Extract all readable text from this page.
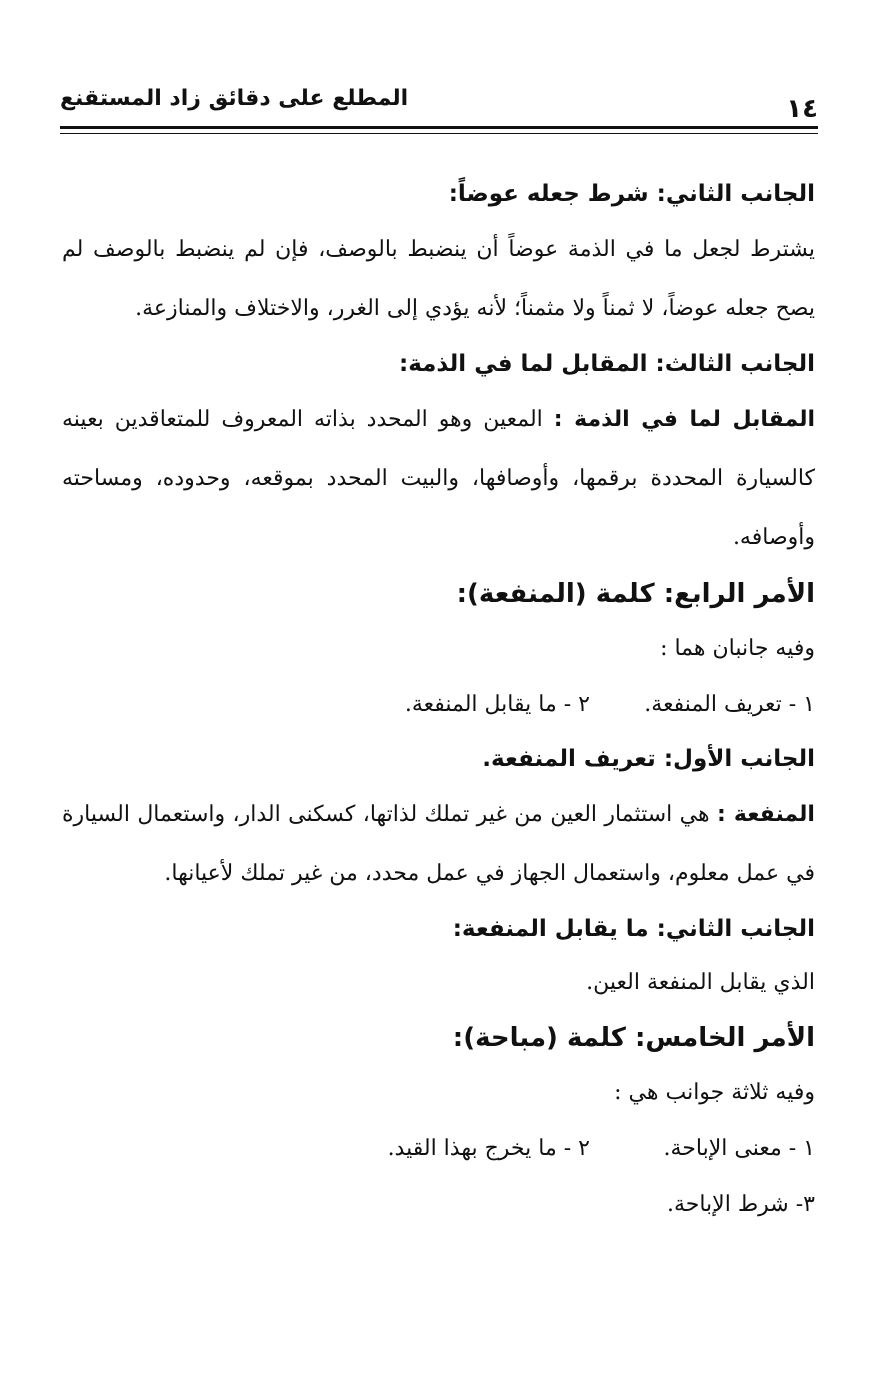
١٤
المطلع على دقائق زاد المستقنع

الجانب الثاني: شرط جعله عوضاً:

يشترط لجعل ما في الذمة عوضاً أن ينضبط بالوصف، فإن لم ينضبط بالوصف لم يصح جعله عوضاً، لا ثمناً ولا مثمناً؛ لأنه يؤدي إلى الغرر، والاختلاف والمنازعة.

الجانب الثالث: المقابل لما في الذمة:

المقابل لما في الذمة : المعين وهو المحدد بذاته المعروف للمتعاقدين بعينه كالسيارة المحددة برقمها، وأوصافها، والبيت المحدد بموقعه، وحدوده، ومساحته وأوصافه.

الأمر الرابع: كلمة (المنفعة):

وفيه جانبان هما :

١ - تعريف المنفعة.
٢ - ما يقابل المنفعة.

الجانب الأول: تعريف المنفعة.

المنفعة : هي استثمار العين من غير تملك لذاتها، كسكنى الدار، واستعمال السيارة في عمل معلوم، واستعمال الجهاز في عمل محدد، من غير تملك لأعيانها.

الجانب الثاني: ما يقابل المنفعة:

الذي يقابل المنفعة العين.

الأمر الخامس: كلمة (مباحة):

وفيه ثلاثة جوانب هي :

١ - معنى الإباحة.
٢ - ما يخرج بهذا القيد.

٣- شرط الإباحة.
